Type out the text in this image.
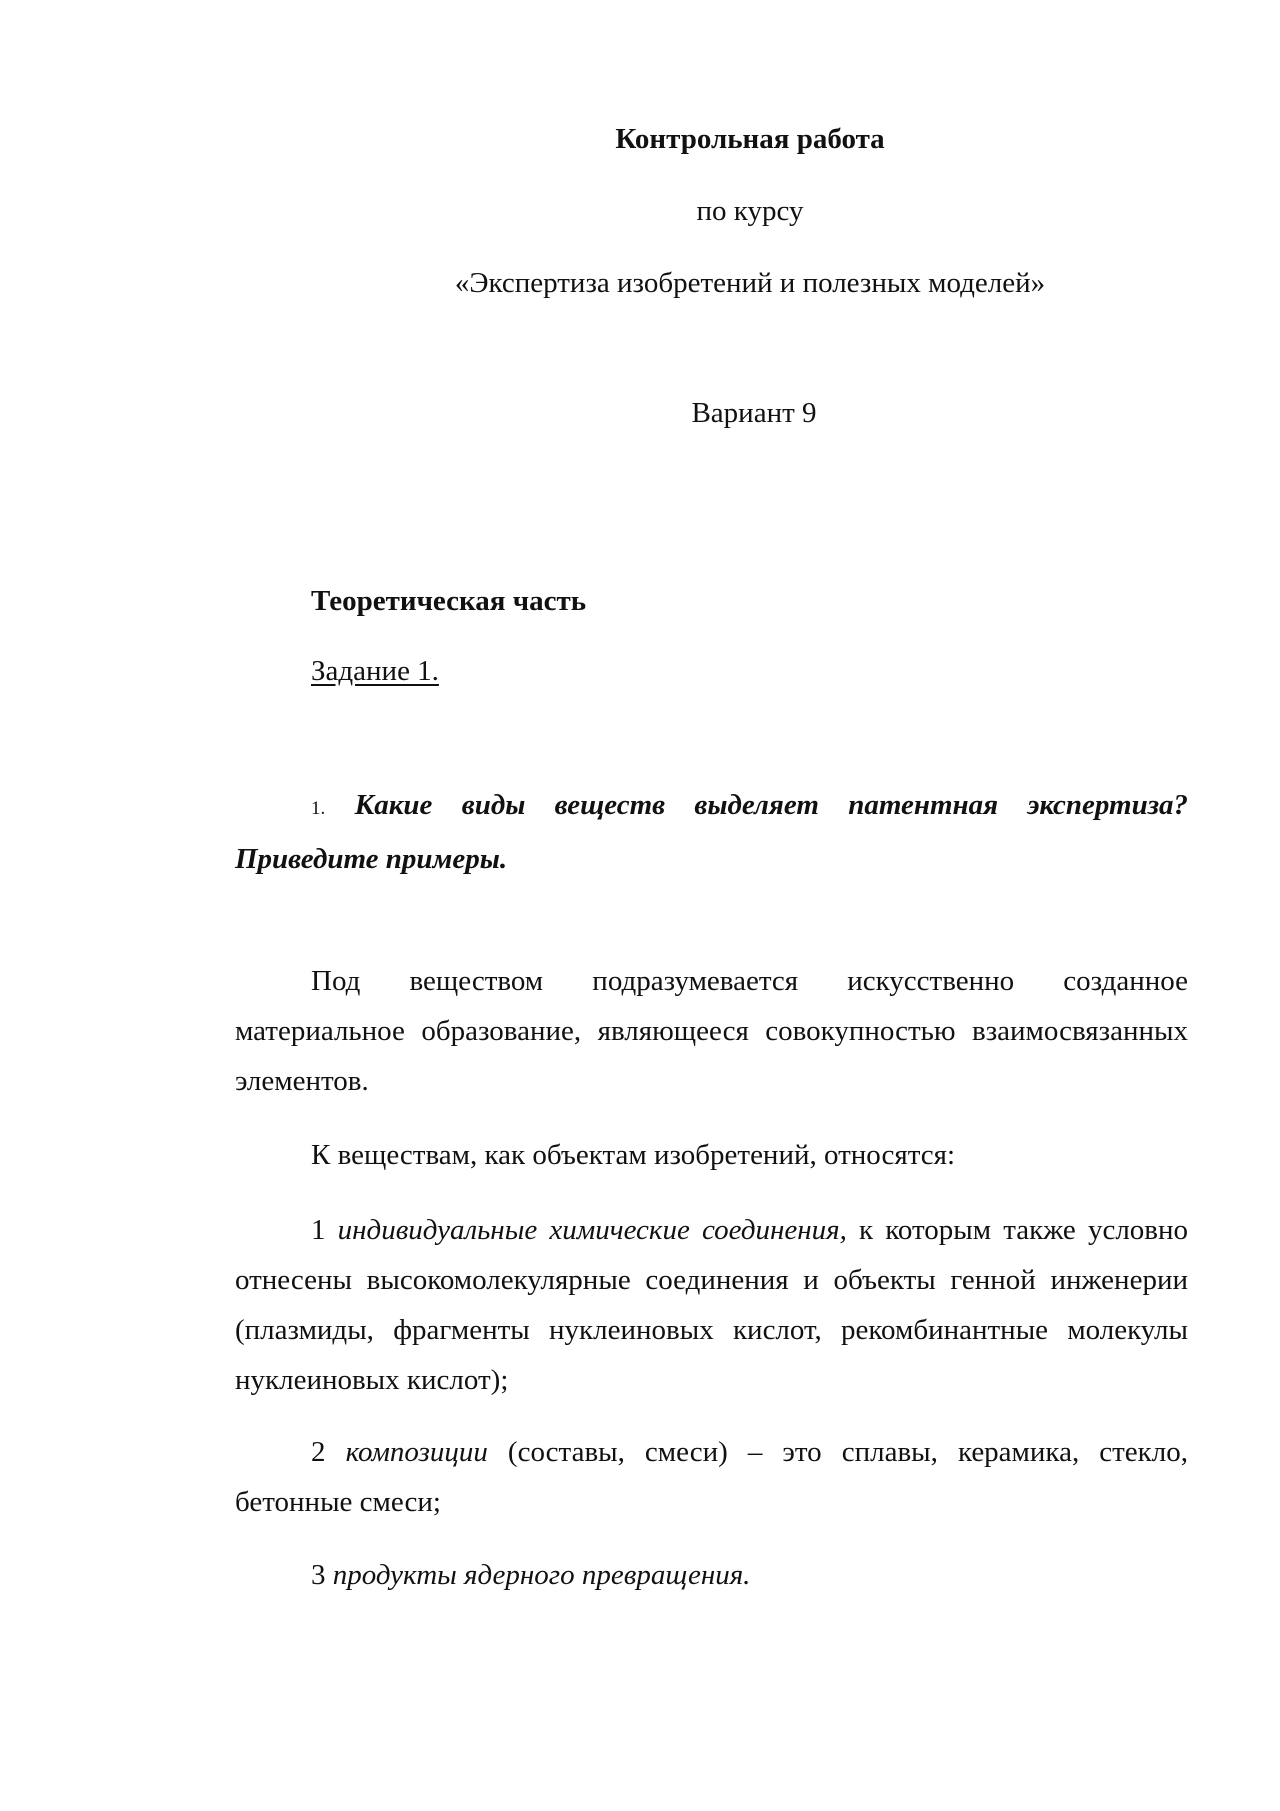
Контрольная работа
по курсу
«Экспертиза изобретений и полезных моделей»
Вариант 9
Теоретическая часть
Задание 1.
1. Какие виды веществ выделяет патентная экспертиза? Приведите примеры.
Под веществом подразумевается искусственно созданное материальное образование, являющееся совокупностью взаимосвязанных элементов.
К веществам, как объектам изобретений, относятся:
1 индивидуальные химические соединения, к которым также условно отнесены высокомолекулярные соединения и объекты генной инженерии (плазмиды, фрагменты нуклеиновых кислот, рекомбинантные молекулы нуклеиновых кислот);
2 композиции (составы, смеси) – это сплавы, керамика, стекло, бетонные смеси;
3 продукты ядерного превращения.
